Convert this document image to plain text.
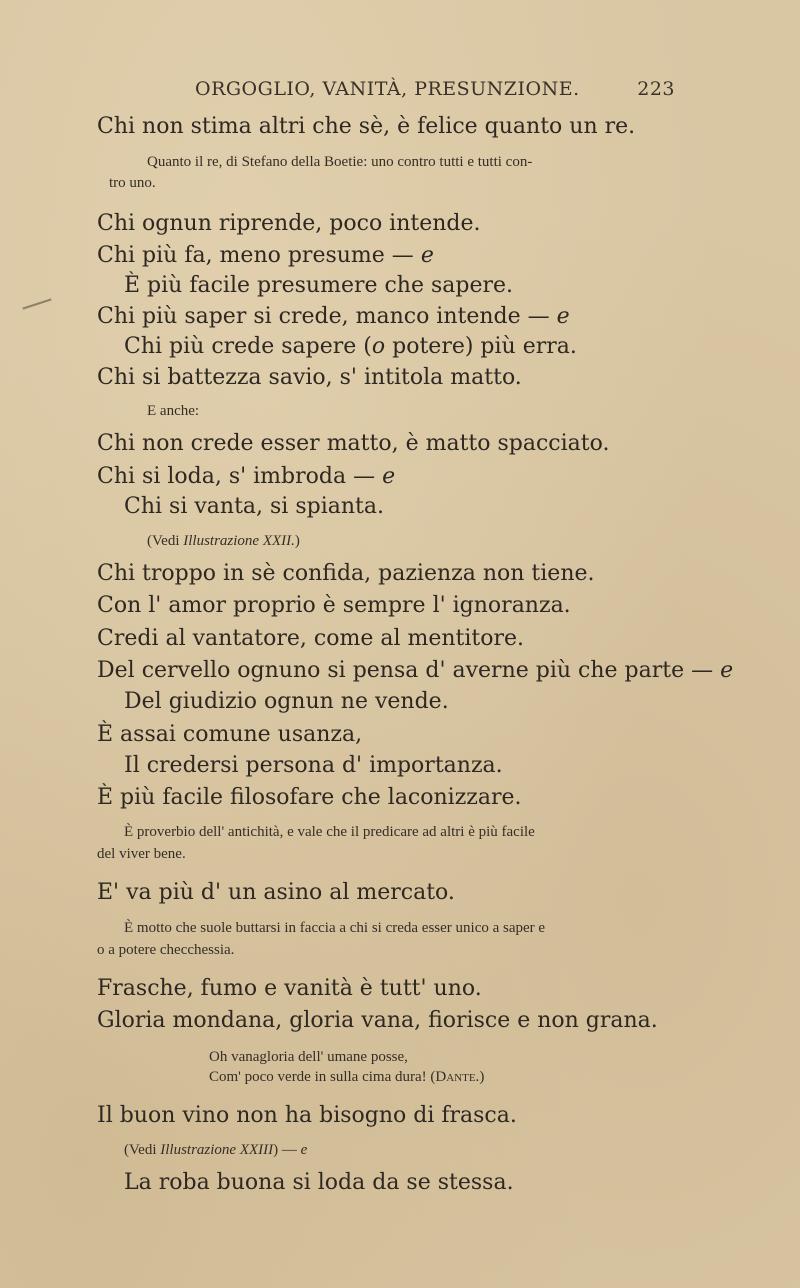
ORGOGLIO, VANITÀ, PRESUNZIONE.	223
Chi non stima altri che sè, è felice quanto un re.
Quanto il re, di Stefano della Boetie: uno contro tutti e tutti con-
tro uno.
Chi ognun riprende, poco intende.
Chi più fa, meno presume — e
È più facile presumere che sapere.
Chi più saper si crede, manco intende — e
Chi più crede sapere (o potere) più erra.
Chi si battezza savio, s' intitola matto.
E anche:
Chi non crede esser matto, è matto spacciato.
Chi si loda, s' imbroda — e
Chi si vanta, si spianta.
(Vedi Illustrazione XXII.)
Chi troppo in sè confida, pazienza non tiene.
Con l' amor proprio è sempre l' ignoranza.
Credi al vantatore, come al mentitore.
Del cervello ognuno si pensa d' averne più che parte — e
Del giudizio ognun ne vende.
È assai comune usanza,
Il credersi persona d' importanza.
È più facile filosofare che laconizzare.
È proverbio dell' antichità, e vale che il predicare ad altri è più facile
del viver bene.
E' va più d' un asino al mercato.
È motto che suole buttarsi in faccia a chi si creda esser unico a saper e
o a potere checchessia.
Frasche, fumo e vanità è tutt' uno.
Gloria mondana, gloria vana, fiorisce e non grana.
Oh vanagloria dell' umane posse,
Com' poco verde in sulla cima dura! (Dante.)
Il buon vino non ha bisogno di frasca.
(Vedi Illustrazione XXIII) — e
La roba buona si loda da se stessa.
